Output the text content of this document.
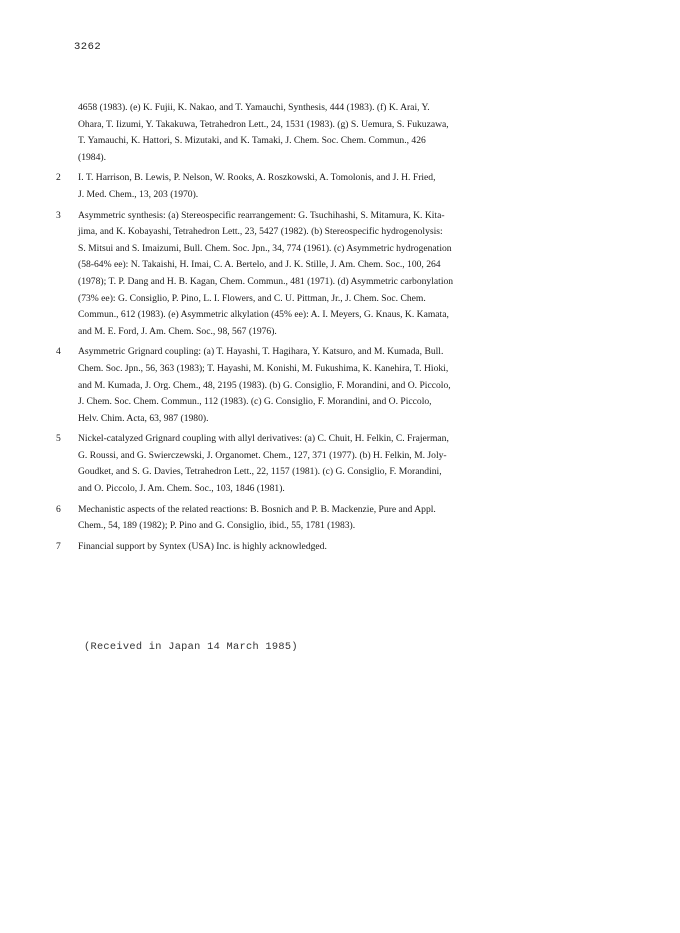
3262
4658 (1983). (e) K. Fujii, K. Nakao, and T. Yamauchi, Synthesis, 444 (1983). (f) K. Arai, Y.
Ohara, T. Iizumi, Y. Takakuwa, Tetrahedron Lett., 24, 1531 (1983). (g) S. Uemura, S. Fukuzawa,
T. Yamauchi, K. Hattori, S. Mizutaki, and K. Tamaki, J. Chem. Soc. Chem. Commun., 426
(1984).
2	I. T. Harrison, B. Lewis, P. Nelson, W. Rooks, A. Roszkowski, A. Tomolonis, and J. H. Fried,
J. Med. Chem., 13, 203 (1970).
3	Asymmetric synthesis: (a) Stereospecific rearrangement: G. Tsuchihashi, S. Mitamura, K. Kita-
jima, and K. Kobayashi, Tetrahedron Lett., 23, 5427 (1982). (b) Stereospecific hydrogenolysis:
S. Mitsui and S. Imaizumi, Bull. Chem. Soc. Jpn., 34, 774 (1961). (c) Asymmetric hydrogenation
(58-64% ee): N. Takaishi, H. Imai, C. A. Bertelo, and J. K. Stille, J. Am. Chem. Soc., 100, 264
(1978); T. P. Dang and H. B. Kagan, Chem. Commun., 481 (1971). (d) Asymmetric carbonylation
(73% ee): G. Consiglio, P. Pino, L. I. Flowers, and C. U. Pittman, Jr., J. Chem. Soc. Chem.
Commun., 612 (1983). (e) Asymmetric alkylation (45% ee): A. I. Meyers, G. Knaus, K. Kamata,
and M. E. Ford, J. Am. Chem. Soc., 98, 567 (1976).
4	Asymmetric Grignard coupling: (a) T. Hayashi, T. Hagihara, Y. Katsuro, and M. Kumada, Bull.
Chem. Soc. Jpn., 56, 363 (1983); T. Hayashi, M. Konishi, M. Fukushima, K. Kanehira, T. Hioki,
and M. Kumada, J. Org. Chem., 48, 2195 (1983). (b) G. Consiglio, F. Morandini, and O. Piccolo,
J. Chem. Soc. Chem. Commun., 112 (1983). (c) G. Consiglio, F. Morandini, and O. Piccolo,
Helv. Chim. Acta, 63, 987 (1980).
5	Nickel-catalyzed Grignard coupling with allyl derivatives: (a) C. Chuit, H. Felkin, C. Frajerman,
G. Roussi, and G. Swierczewski, J. Organomet. Chem., 127, 371 (1977). (b) H. Felkin, M. Joly-
Goudket, and S. G. Davies, Tetrahedron Lett., 22, 1157 (1981). (c) G. Consiglio, F. Morandini,
and O. Piccolo, J. Am. Chem. Soc., 103, 1846 (1981).
6	Mechanistic aspects of the related reactions: B. Bosnich and P. B. Mackenzie, Pure and Appl.
Chem., 54, 189 (1982); P. Pino and G. Consiglio, ibid., 55, 1781 (1983).
7	Financial support by Syntex (USA) Inc. is highly acknowledged.
(Received in Japan 14 March 1985)
